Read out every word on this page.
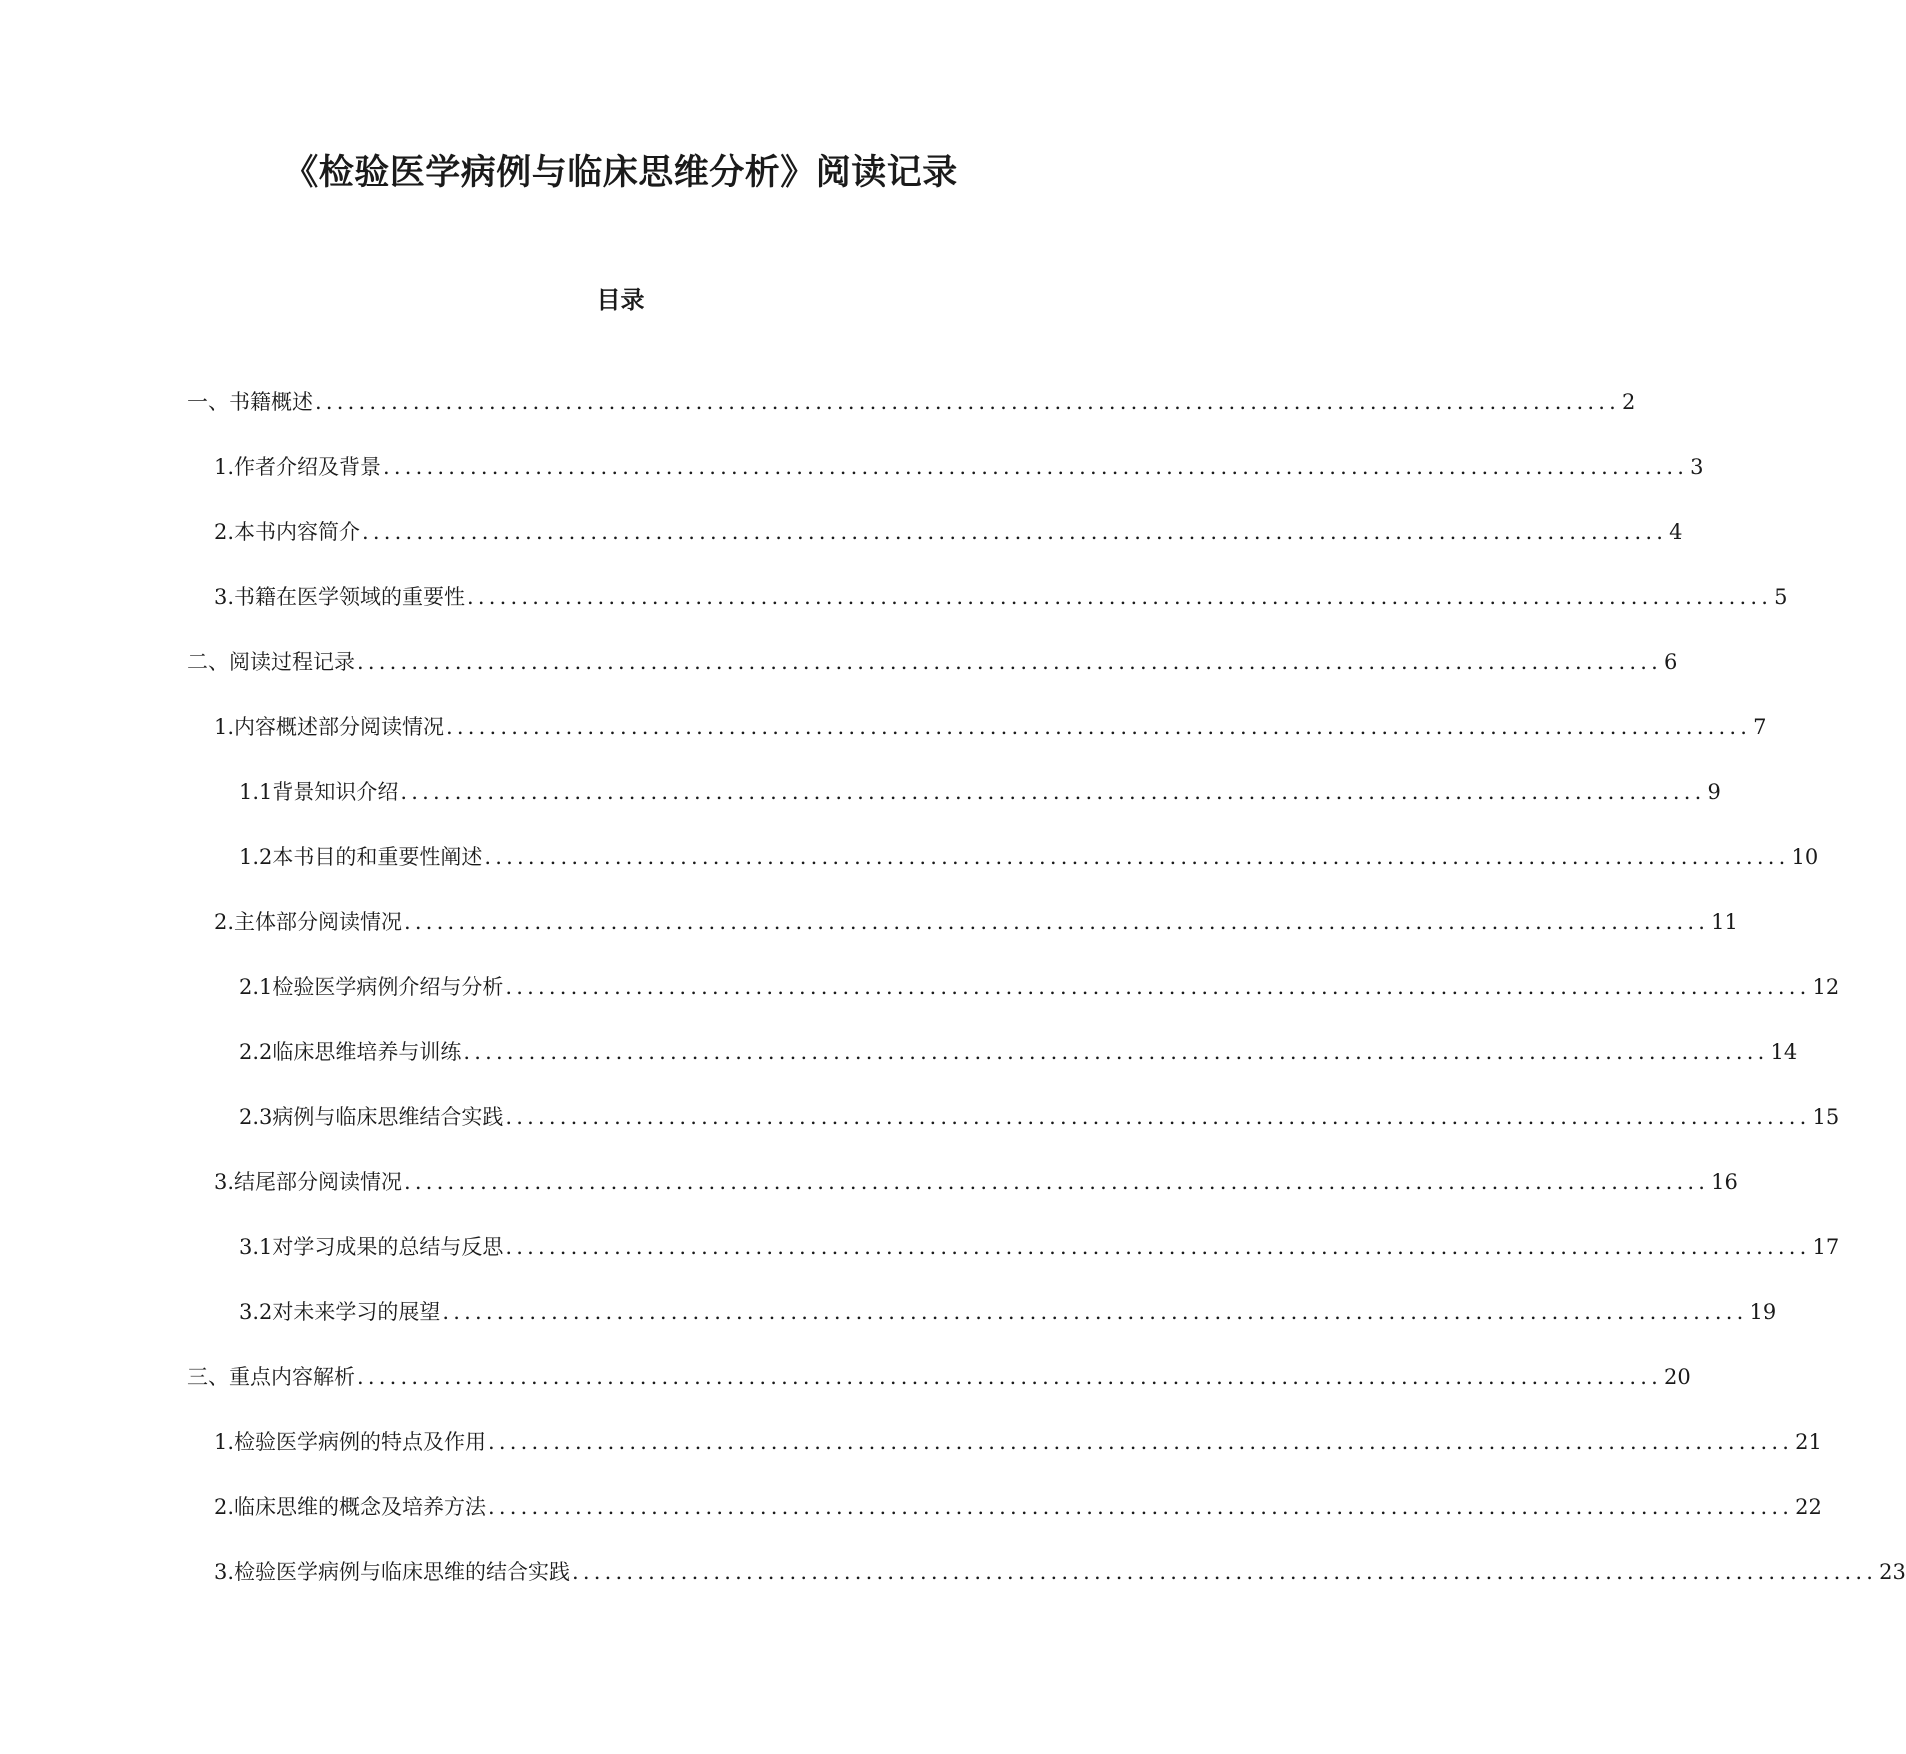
《检验医学病例与临床思维分析》阅读记录
目录
一、书籍概述 ........................................................................................................................ 2
1. 作者介绍及背景 ........................................................................................................................ 3
2. 本书内容简介 ........................................................................................................................ 4
3. 书籍在医学领域的重要性 ........................................................................................................................ 5
二、阅读过程记录 ........................................................................................................................ 6
1. 内容概述部分阅读情况 ........................................................................................................................ 7
1.1 背景知识介绍 ........................................................................................................................ 9
1.2 本书目的和重要性阐述 ........................................................................................................................ 10
2. 主体部分阅读情况 ........................................................................................................................ 11
2.1 检验医学病例介绍与分析 ........................................................................................................................ 12
2.2 临床思维培养与训练 ........................................................................................................................ 14
2.3 病例与临床思维结合实践 ........................................................................................................................ 15
3. 结尾部分阅读情况 ........................................................................................................................ 16
3.1 对学习成果的总结与反思 ........................................................................................................................ 17
3.2 对未来学习的展望 ........................................................................................................................ 19
三、重点内容解析 ........................................................................................................................ 20
1. 检验医学病例的特点及作用 ........................................................................................................................ 21
2. 临床思维的概念及培养方法 ........................................................................................................................ 22
3. 检验医学病例与临床思维的结合实践 ........................................................................................................................ 23
